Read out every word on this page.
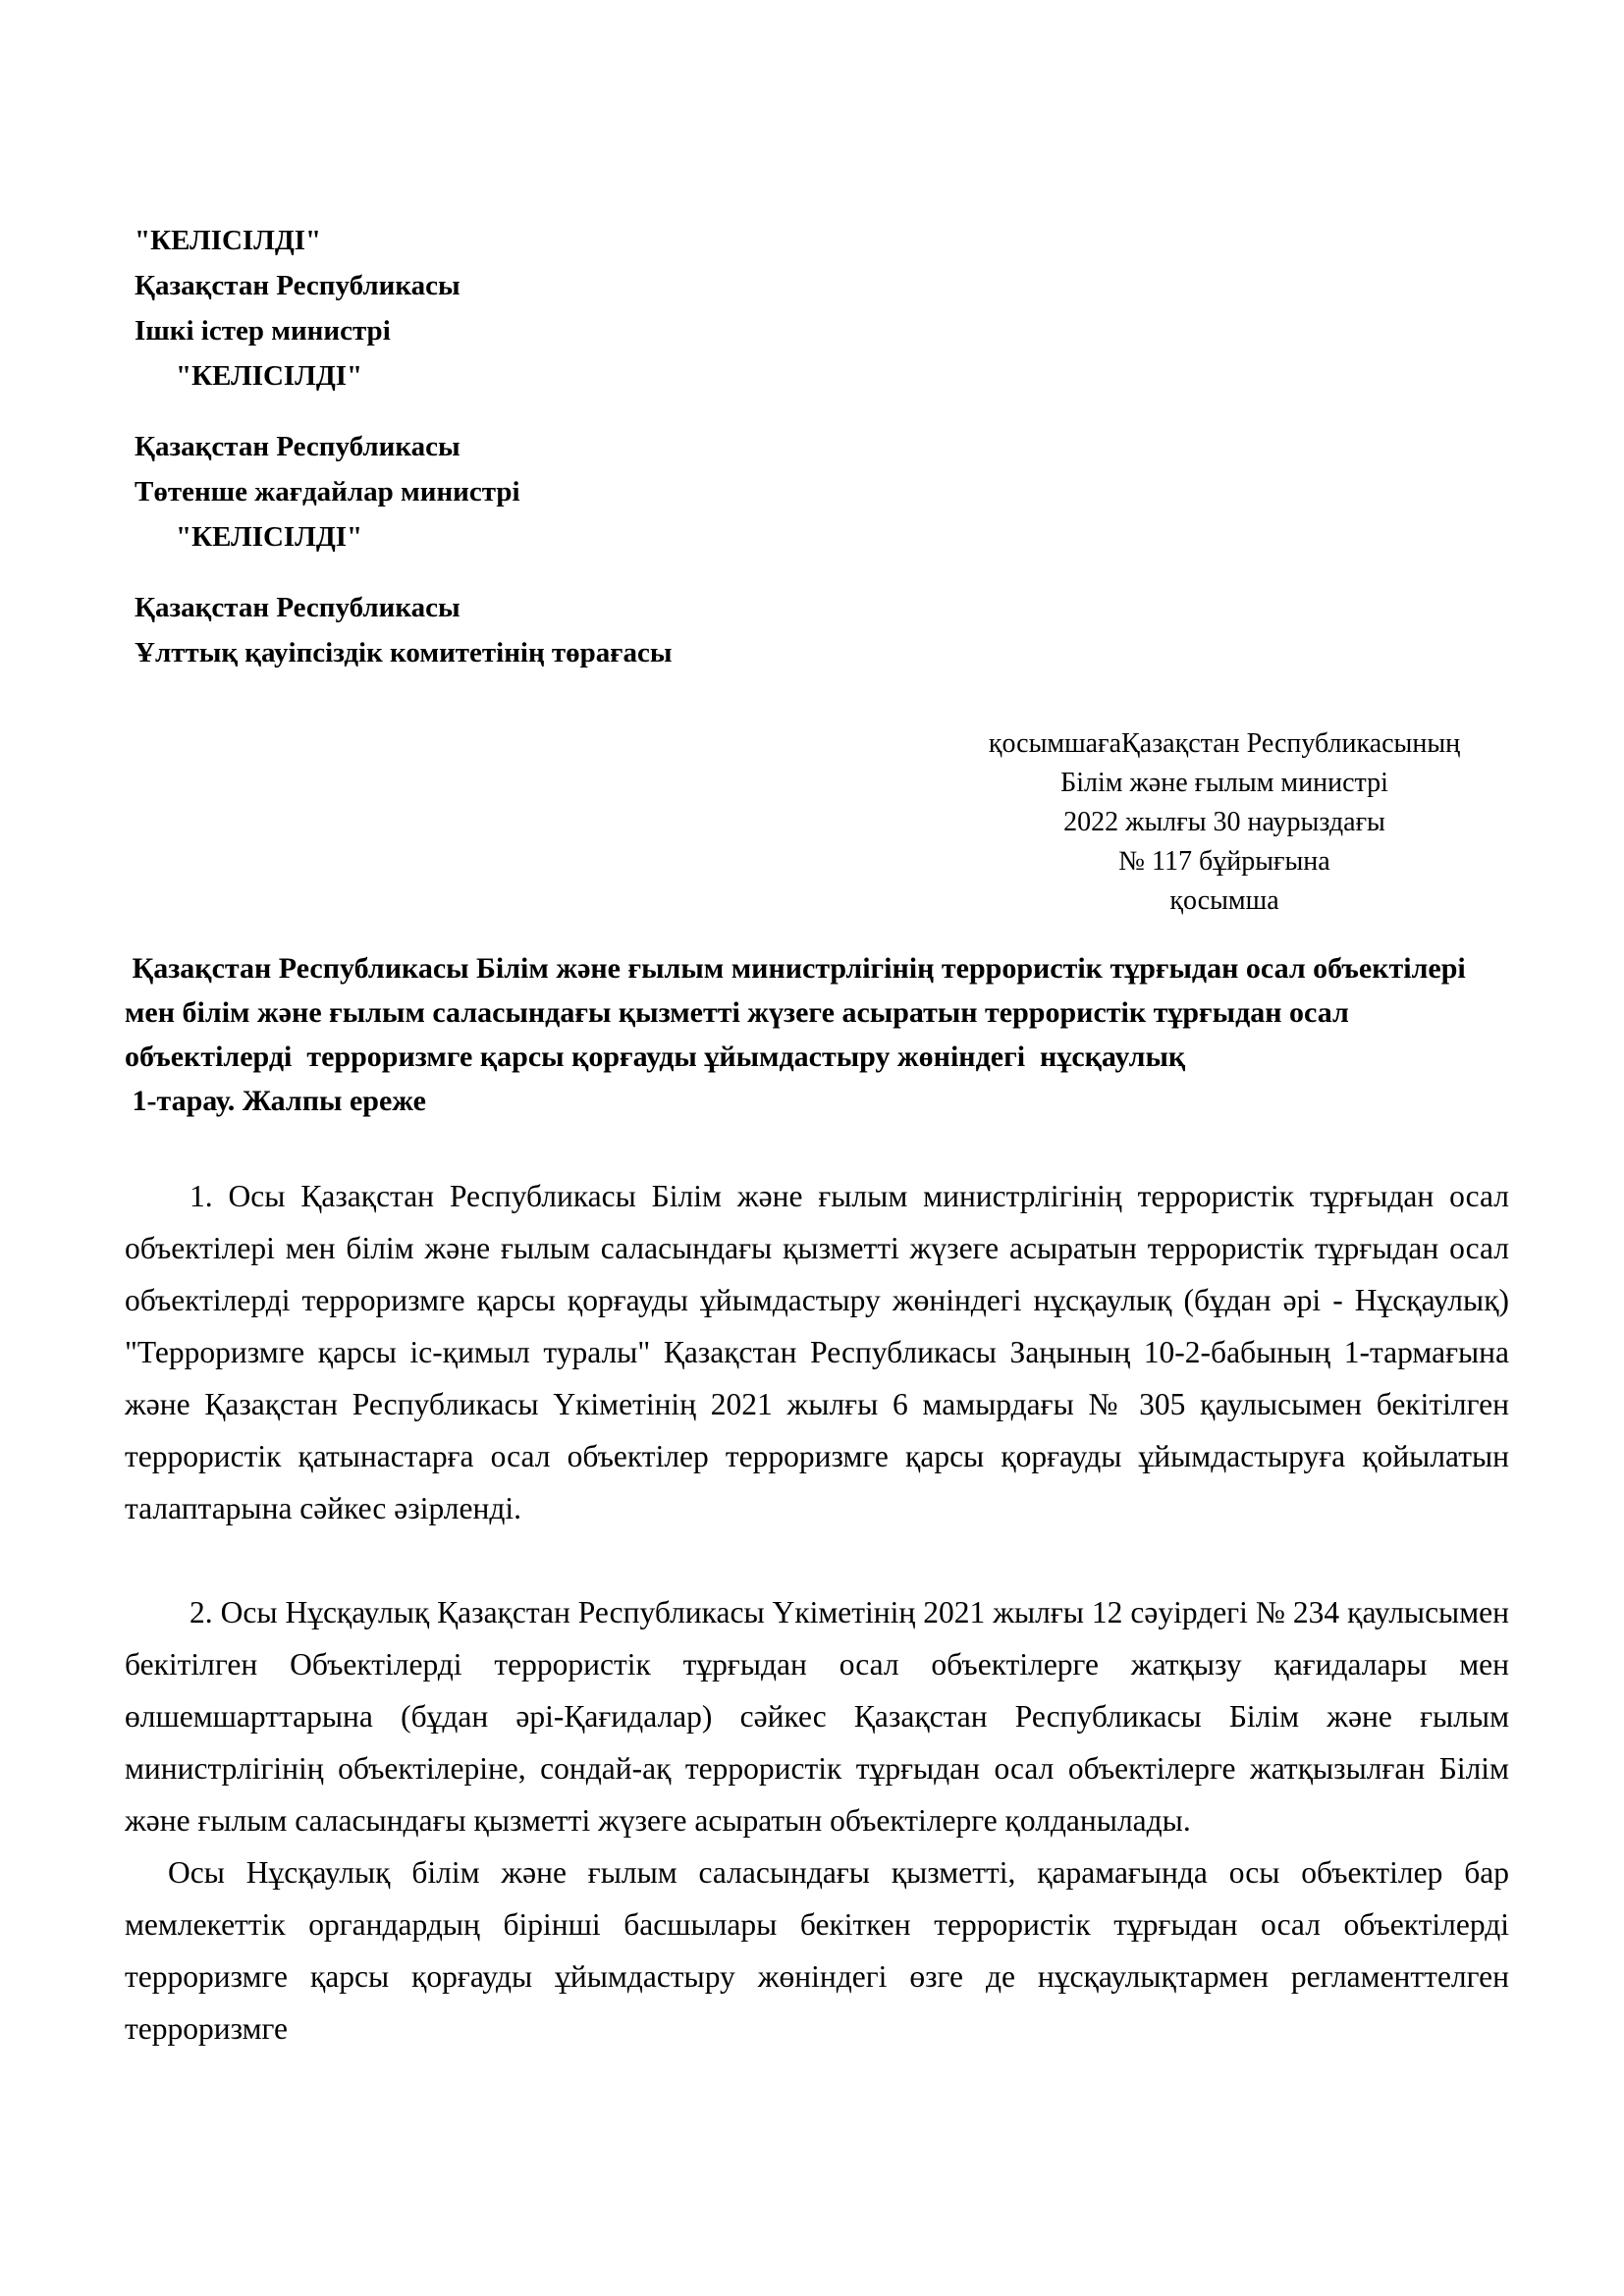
"КЕЛІСІЛДІ"
Қазақстан Республикасы
Ішкі істер министрі
"КЕЛІСІЛДІ"
Қазақстан Республикасы
Төтенше жағдайлар министрі
"КЕЛІСІЛДІ"
Қазақстан Республикасы
Ұлттық қауіпсіздік комитетінің төрағасы
қосымшағаҚазақстан Республикасының
Білім және ғылым министрі
2022 жылғы 30 наурыздағы
№ 117 бұйрығына
қосымша
Қазақстан Республикасы Білім және ғылым министрлігінің террористік тұрғыдан осал объектілері  мен білім және ғылым саласындағы қызметті жүзеге асыратын террористік тұрғыдан осал объектілерді  терроризмге қарсы қорғауды ұйымдастыру жөніндегі  нұсқаулық
1-тарау. Жалпы ереже
1. Осы Қазақстан Республикасы Білім және ғылым министрлігінің террористік тұрғыдан осал объектілері мен білім және ғылым саласындағы қызметті жүзеге асыратын террористік тұрғыдан осал объектілерді терроризмге қарсы қорғауды ұйымдастыру жөніндегі нұсқаулық (бұдан әрі - Нұсқаулық) "Терроризмге қарсы іс-қимыл туралы" Қазақстан Республикасы Заңының 10-2-бабының 1-тармағына және Қазақстан Республикасы Үкіметінің 2021 жылғы 6 мамырдағы № 305 қаулысымен бекітілген террористік қатынастарға осал объектілер терроризмге қарсы қорғауды ұйымдастыруға қойылатын талаптарына сәйкес әзірленді.
2. Осы Нұсқаулық Қазақстан Республикасы Үкіметінің 2021 жылғы 12 сәуірдегі № 234 қаулысымен бекітілген Объектілерді террористік тұрғыдан осал объектілерге жатқызу қағидалары мен өлшемшарттарына (бұдан әрі-Қағидалар) сәйкес Қазақстан Республикасы Білім және ғылым министрлігінің объектілеріне, сондай-ақ террористік тұрғыдан осал объектілерге жатқызылған Білім және ғылым саласындағы қызметті жүзеге асыратын объектілерге қолданылады.
Осы Нұсқаулық білім және ғылым саласындағы қызметті, қарамағында осы объектілер бар мемлекеттік органдардың бірінші басшылары бекіткен террористік тұрғыдан осал объектілерді терроризмге қарсы қорғауды ұйымдастыру жөніндегі өзге де нұсқаулықтармен регламенттелген терроризмге
